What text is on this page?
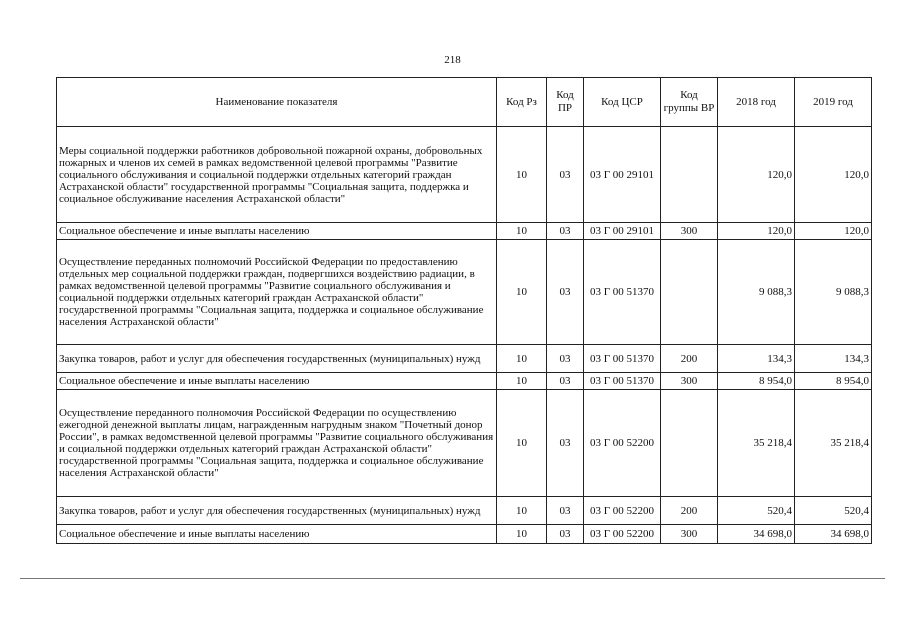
218
Наименование показателя	Код Рз	Код ПР	Код ЦСР	Код группы ВР	2018 год	2019 год
Меры социальной поддержки работников добровольной пожарной охраны, добровольных пожарных и членов их семей в рамках ведомственной целевой программы "Развитие социального обслуживания и социальной поддержки отдельных категорий граждан Астраханской области" государственной программы "Социальная защита, поддержка и социальное обслуживание населения Астраханской области"	10	03	03 Г 00 29101		120,0	120,0
Социальное обеспечение и иные выплаты населению	10	03	03 Г 00 29101	300	120,0	120,0
Осуществление переданных полномочий Российской Федерации по предоставлению отдельных мер социальной поддержки граждан, подвергшихся воздействию радиации, в рамках ведомственной целевой программы "Развитие социального обслуживания и социальной поддержки отдельных категорий граждан Астраханской области" государственной программы "Социальная защита, поддержка и социальное обслуживание населения Астраханской области"	10	03	03 Г 00 51370		9 088,3	9 088,3
Закупка товаров, работ и услуг для обеспечения государственных (муниципальных) нужд	10	03	03 Г 00 51370	200	134,3	134,3
Социальное обеспечение и иные выплаты населению	10	03	03 Г 00 51370	300	8 954,0	8 954,0
Осуществление переданного полномочия Российской Федерации по осуществлению ежегодной денежной выплаты лицам, награжденным нагрудным знаком "Почетный донор России", в рамках ведомственной целевой программы "Развитие социального обслуживания и социальной поддержки отдельных категорий граждан Астраханской области" государственной программы "Социальная защита, поддержка и социальное обслуживание населения Астраханской области"	10	03	03 Г 00 52200		35 218,4	35 218,4
Закупка товаров, работ и услуг для обеспечения государственных (муниципальных) нужд	10	03	03 Г 00 52200	200	520,4	520,4
Социальное обеспечение и иные выплаты населению	10	03	03 Г 00 52200	300	34 698,0	34 698,0
